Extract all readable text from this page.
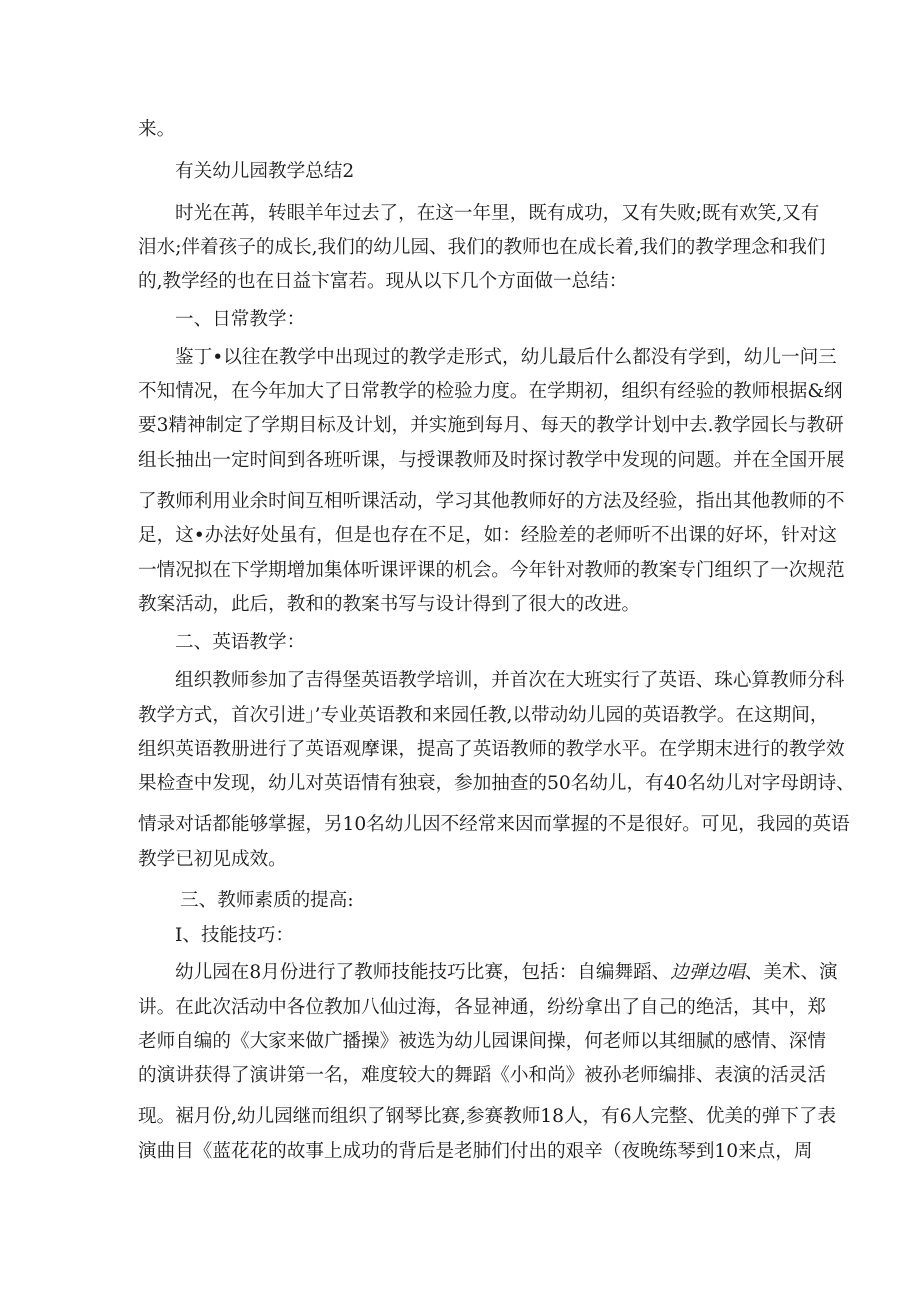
来。
有关幼儿园教学总结2
时光在苒，转眼羊年过去了，在这一年里，既有成功，又有失败;既有欢笑,又有
泪水;伴着孩子的成长,我们的幼儿园、我们的教师也在成长着,我们的教学理念和我们
的,教学经的也在日益卞富若。现从以下几个方面做一总结：
一、日常教学：
鉴丁•以往在教学中出现过的教学走形式，幼儿最后什么都没有学到，幼儿一问三
不知情况，在今年加大了日常教学的检验力度。在学期初，组织有经验的教师根据&纲
要3精神制定了学期目标及计划，并实施到每月、每天的教学计划中去.教学园长与教研
组长抽出一定时间到各班听课，与授课教师及时探讨教学中发现的问题。并在全国开展
了教师利用业余时间互相听课活动，学习其他教师好的方法及经验，指出其他教师的不
足，这•办法好处虽有，但是也存在不足，如：经脸差的老师听不出课的好坏，针对这
一情况拟在下学期增加集体听课评课的机会。今年针对教师的教案专门组织了一次规范
教案活动，此后，教和的教案书写与设计得到了很大的改进。
二、英语教学：
组织教师参加了吉得堡英语教学培训，并首次在大班实行了英语、珠心算教师分科
教学方式，首次引进」’专业英语教和来园任教,以带动幼儿园的英语教学。在这期间，
组织英语教册进行了英语观摩课，提高了英语教师的教学水平。在学期末进行的教学效
果检查中发现，幼儿对英语情有独衰，参加抽查的50名幼儿，有40名幼儿对字母朗诗、
情录对话都能够掌握，另10名幼儿因不经常来因而掌握的不是很好。可见，我园的英语
教学已初见成效。
三、教师素质的提高:
I、技能技巧：
幼儿园在8月份进行了教师技能技巧比赛，包括：自编舞蹈、边弹边唱、美术、演
讲。在此次活动中各位教加八仙过海，各显神通，纷纷拿出了自己的绝活，其中，郑
老师自编的《大家来做广播操》被选为幼儿园课间操，何老师以其细腻的感情、深情
的演讲获得了演讲第一名，难度较大的舞蹈《小和尚》被孙老师编排、表演的活灵活
现。裾月份,幼儿园继而组织了钢琴比赛,参赛教师18人，有6人完整、优美的弹下了表
演曲目《蓝花花的故事上成功的背后是老肺们付出的艰辛（夜晚练琴到10来点，周
